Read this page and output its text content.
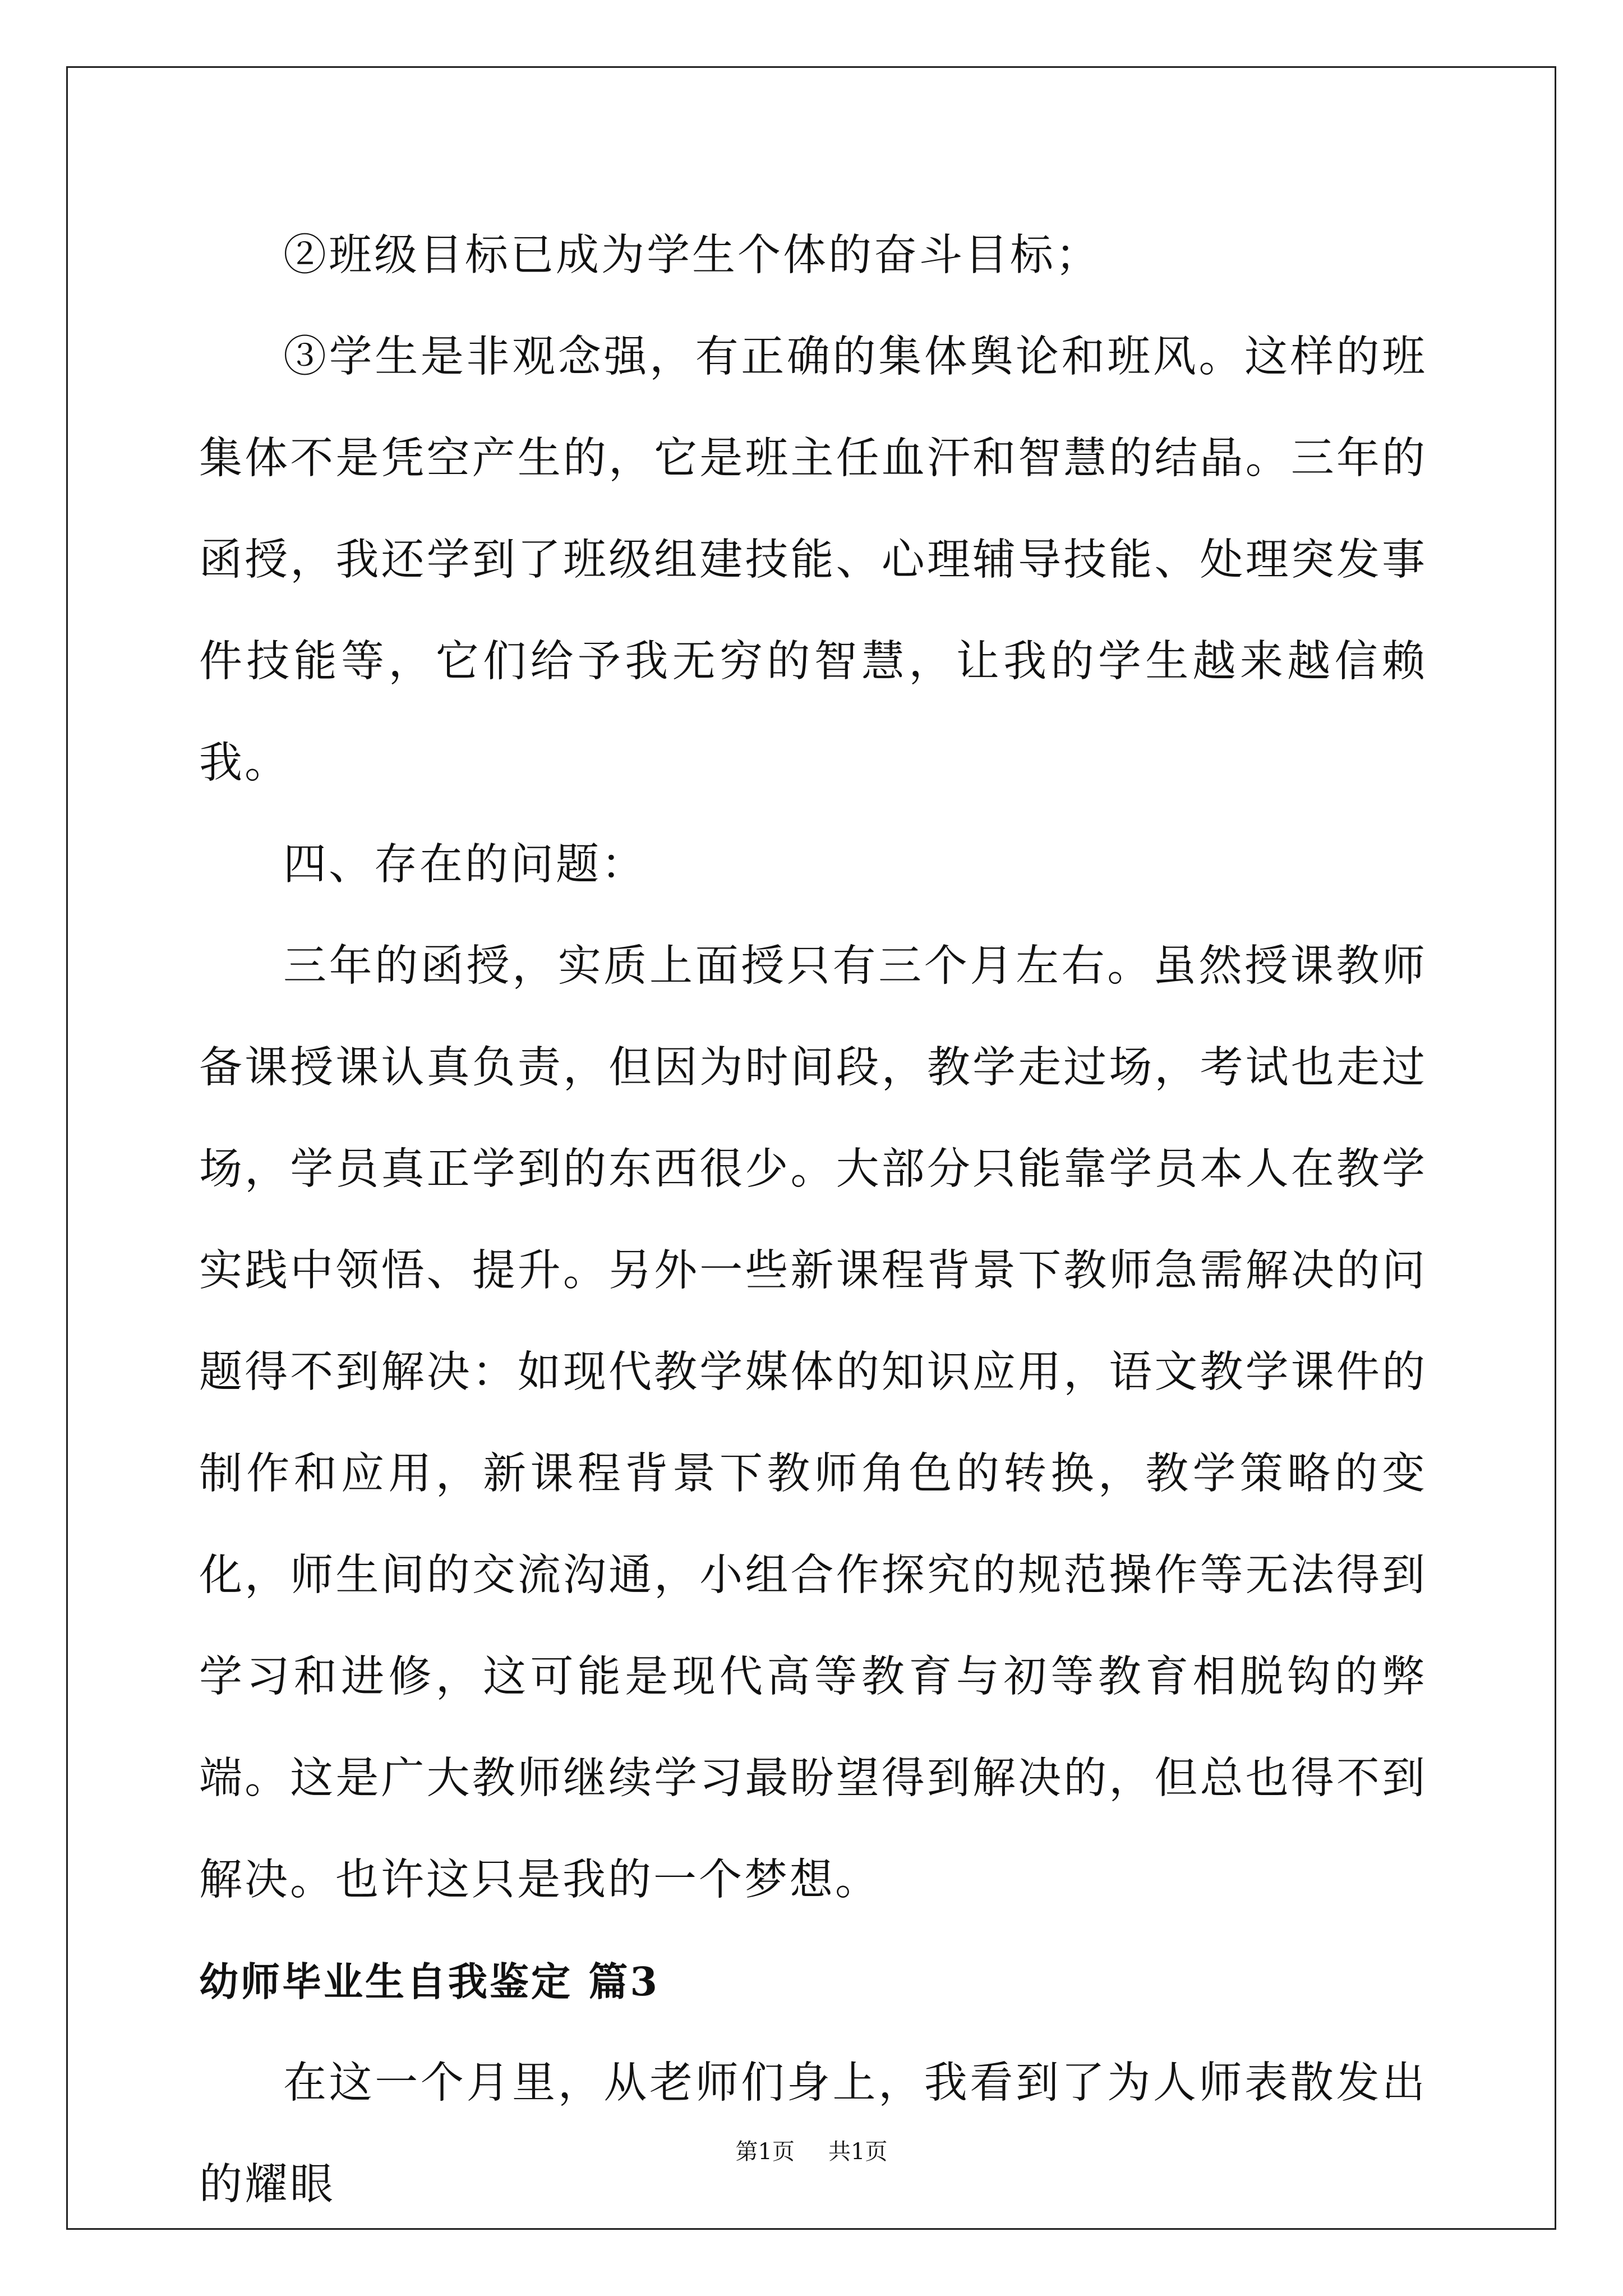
②班级目标已成为学生个体的奋斗目标；

③学生是非观念强，有正确的集体舆论和班风。这样的班集体不是凭空产生的，它是班主任血汗和智慧的结晶。三年的函授，我还学到了班级组建技能、心理辅导技能、处理突发事件技能等，它们给予我无穷的智慧，让我的学生越来越信赖我。

四、存在的问题：

三年的函授，实质上面授只有三个月左右。虽然授课教师备课授课认真负责，但因为时间段，教学走过场，考试也走过场，学员真正学到的东西很少。大部分只能靠学员本人在教学实践中领悟、提升。另外一些新课程背景下教师急需解决的问题得不到解决：如现代教学媒体的知识应用，语文教学课件的制作和应用，新课程背景下教师角色的转换，教学策略的变化，师生间的交流沟通，小组合作探究的规范操作等无法得到学习和进修，这可能是现代高等教育与初等教育相脱钩的弊端。这是广大教师继续学习最盼望得到解决的，但总也得不到解决。也许这只是我的一个梦想。

幼师毕业生自我鉴定 篇3

在这一个月里，从老师们身上，我看到了为人师表散发出的耀眼

第1页 共1页
